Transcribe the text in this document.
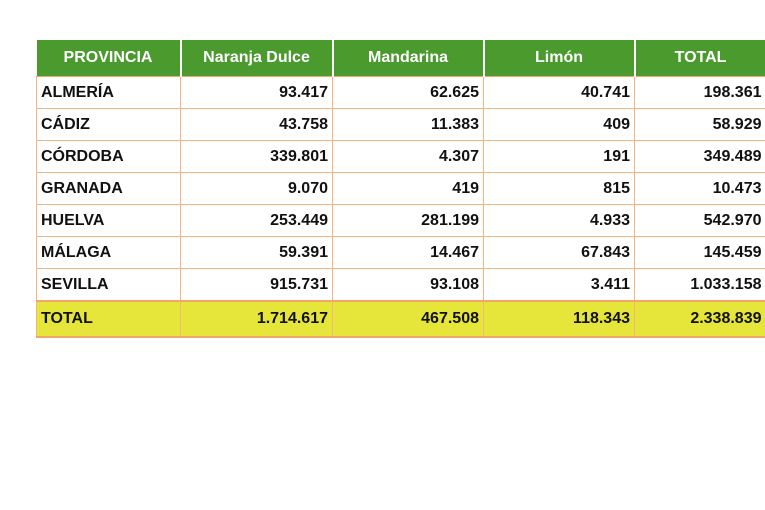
PROVINCIA	Naranja Dulce	Mandarina	Limón	TOTAL
ALMERÍA	93.417	62.625	40.741	198.361
CÁDIZ	43.758	11.383	409	58.929
CÓRDOBA	339.801	4.307	191	349.489
GRANADA	9.070	419	815	10.473
HUELVA	253.449	281.199	4.933	542.970
MÁLAGA	59.391	14.467	67.843	145.459
SEVILLA	915.731	93.108	3.411	1.033.158
TOTAL	1.714.617	467.508	118.343	2.338.839
